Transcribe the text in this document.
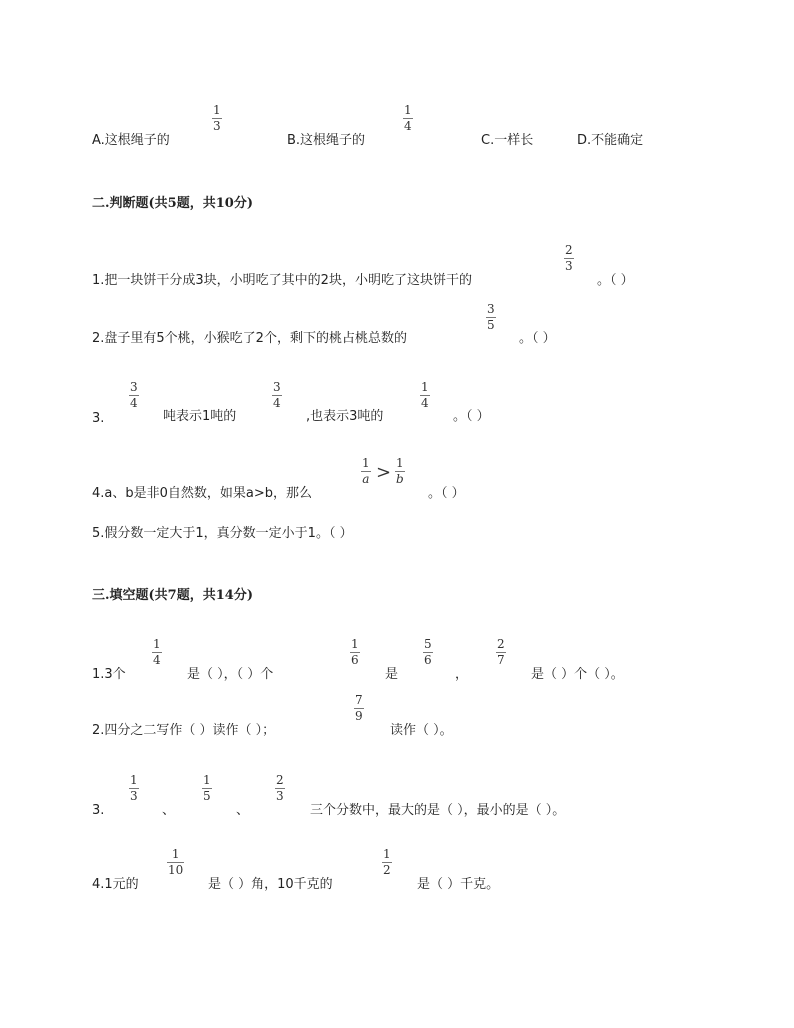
A.这根绳子的
1
3
B.这根绳子的
1
4
C.一样长	D.不能确定
二.判断题(共5题，共10分)
1.把一块饼干分成3块，小明吃了其中的2块，小明吃了这块饼干的
2
3
。（ ）
2.盘子里有5个桃，小猴吃了2个，剩下的桃占桃总数的
3
5
。（ ）
3.
3
4
吨表示1吨的
3
4
,也表示3吨的
1
4
。（ ）
4.a、b是非0自然数，如果a>b，那么
1
a > 1
b
。（ ）
5.假分数一定大于1，真分数一定小于1。（ ）
三.填空题(共7题，共14分)
1.3个
1
4
是（ ），（ ）个
1
6
是
5
6
，
2
7
是（ ）个（ ）。
2.四分之二写作（ ）读作（ ）；
7
9
读作（ ）。
3.
1
3
、
1
5
、
2
3
三个分数中，最大的是（ ），最小的是（ ）。
4.1元的
1
10
是（ ）角，10千克的
1
2
是（ ）千克。
